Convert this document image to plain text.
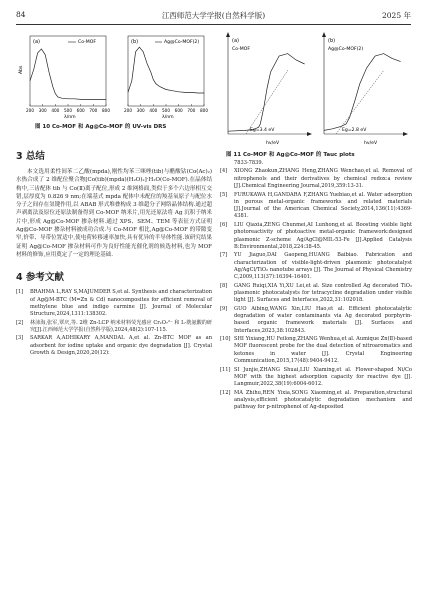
84	江西师范大学学报(自然科学版)	2025 年
(a)	Co-MOF
Abs
200 300 400 500 600 700 800
λ/nm
(b)	Ag@Co-MOF(2)
200 300 400 500 600 700 800
λ/nm
图 10 Co-MOF 和 Ag@Co-MOF 的 UV-vis DRS
(a)
Co-MOF
Eg=3.4 eV
hv/eV
(b)
Ag@Co-MOF(2)
Eg=2.8 eV
hv/eV
图 11 Co-MOF 和 Ag@Co-MOF 的 Tauc plots
3 总结
本文选用柔性间苯二乙酸(mpda),刚性均苯三咪唑(tib)与醋酸钴(Co(Ac)₂)水热合成了 2 维配位聚合物[Co(tib)(mpda)(H₂O)₂]·H₂O(Co-MOF).在晶体结构中,三齿配体 tib 与 Co(Ⅱ)离子配位,形成 2 维网格面,类似于多个六边形相互交错,层厚度为 0.826 9 nm;在端基式 mpda 配体中未配位的羧基氧原子与配位水分子之间存在氢键作用,以 ABAB 形式堆叠构成 3 维超分子网络晶体结构.通过超声剥离法及原位还原法制备得到 Co-MOF 纳米片,用光还原法将 Ag 沉积于纳米片中,形成 Ag@Co-MOF 掺杂材料.通过 XPS、SEM、TEM 等表征方式证明 Ag@Co-MOF 掺杂材料被成功合成.与 Co-MOF 相比,Ag@Co-MOF 的带隙变窄,价带、导带位置适中,使电荷转移速率加快,具有优异的半导体性能.该研究结果证明 Ag@Co-MOF 掺杂材料可作为良好性能光催化剂的候选材料,也为 MOF 材料的修饰,应用奠定了一定的理论基础.
4 参考文献
[1] BRAHMA L,RAY S,MAJUMDER S,et al. Synthesis and characterization of Ag@M-BTC (M=Zn & Cd) nanocomposites for efficient removal of methylene blue and indigo carmine [J]. Journal of Molecular Structure,2024,1311:138302.
[2] 林沛海,张军,覃庆,等. 2维 Zn-LCP 纳米材料荧光感应 Cr₂O₇²⁻ 和 L-胱氨酸的研究[J].江西师范大学学报(自然科学版),2024,48(2):107-115.
[3] SARKAR A,ADHIKARY A,MANDAL A,et al. Zn-BTC MOF as an adsorbent for iodine uptake and organic dye degradation [J]. Crystal Growth & Design,2020,20(12):
7833-7839.
[4] XIONG Zhaokun,ZHANG Heng,ZHANG Wenchao,et al. Removal of nitrophenols and their derivatives by chemical redox:a review [J].Chemical Engineering Journal,2019,359:13-31.
[5] FURUKAWA H,GANDARA F,ZHANG Yuebiao,et al. Water adsorption in porous metal-organic frameworks and related materials [J].Journal of the American Chemical Society,2014,136(11):4369-4381.
[6] LIU Qiaxia,ZENG Chunmei,AI Lunhong,et al. Boosting visible light photoreactivity of photoactive metal-organic framework:designed plasmonic Z-scheme Ag/AgCl@MIL-53-Fe [J].Applied Catalysis B:Environmental,2018,224:38-45.
[7] YU Jiaguo,DAI Gaopeng,HUANG Baibiao. Fabrication and characterization of visible-light-driven plasmonic photocatalyst Ag/AgCl/TiO₂ nanotube arrays [J]. The Journal of Physical Chemistry C,2009,113(37):16394-16401.
[8] GANG Ruiqi,XIA Yi,XU Lei,et al. Size controlled Ag decorated TiO₂ plasmonic photocatalysts for tetracycline degradation under visible light [J]. Surfaces and Interfaces,2022,31:102018.
[9] GUO Aibing,WANG Xin,LIU Hao,et al. Efficient photocatalytic degradation of water contaminants via Ag decorated porphyrin-based organic framework materials [J]. Surfaces and Interfaces,2023,38:102843.
[10] SHI Yixiang,HU Feilong,ZHANG Wenhua,et al. Aumique Zn(Ⅱ)-based MOF fluorescent probe for the dual detection of nitroaromatics and ketones in water [J]. Crystal Engineering Communication,2015,17(48):9404-9412.
[11] SI Junjie,ZHANG Shuai,LIU Xiaming,et al. Flower-shaped Ni/Co MOF with the highest adsorption capacity for reactive dye [J]. Langmuir,2022,38(19):6004-6012.
[12] MA Zhihu,REN Yixia,SONG Xiaoming,et al. Preparation,structural analysis,efficient photocatalytic degradation mechanism and pathway for p-nitrophenol of Ag-deposited
